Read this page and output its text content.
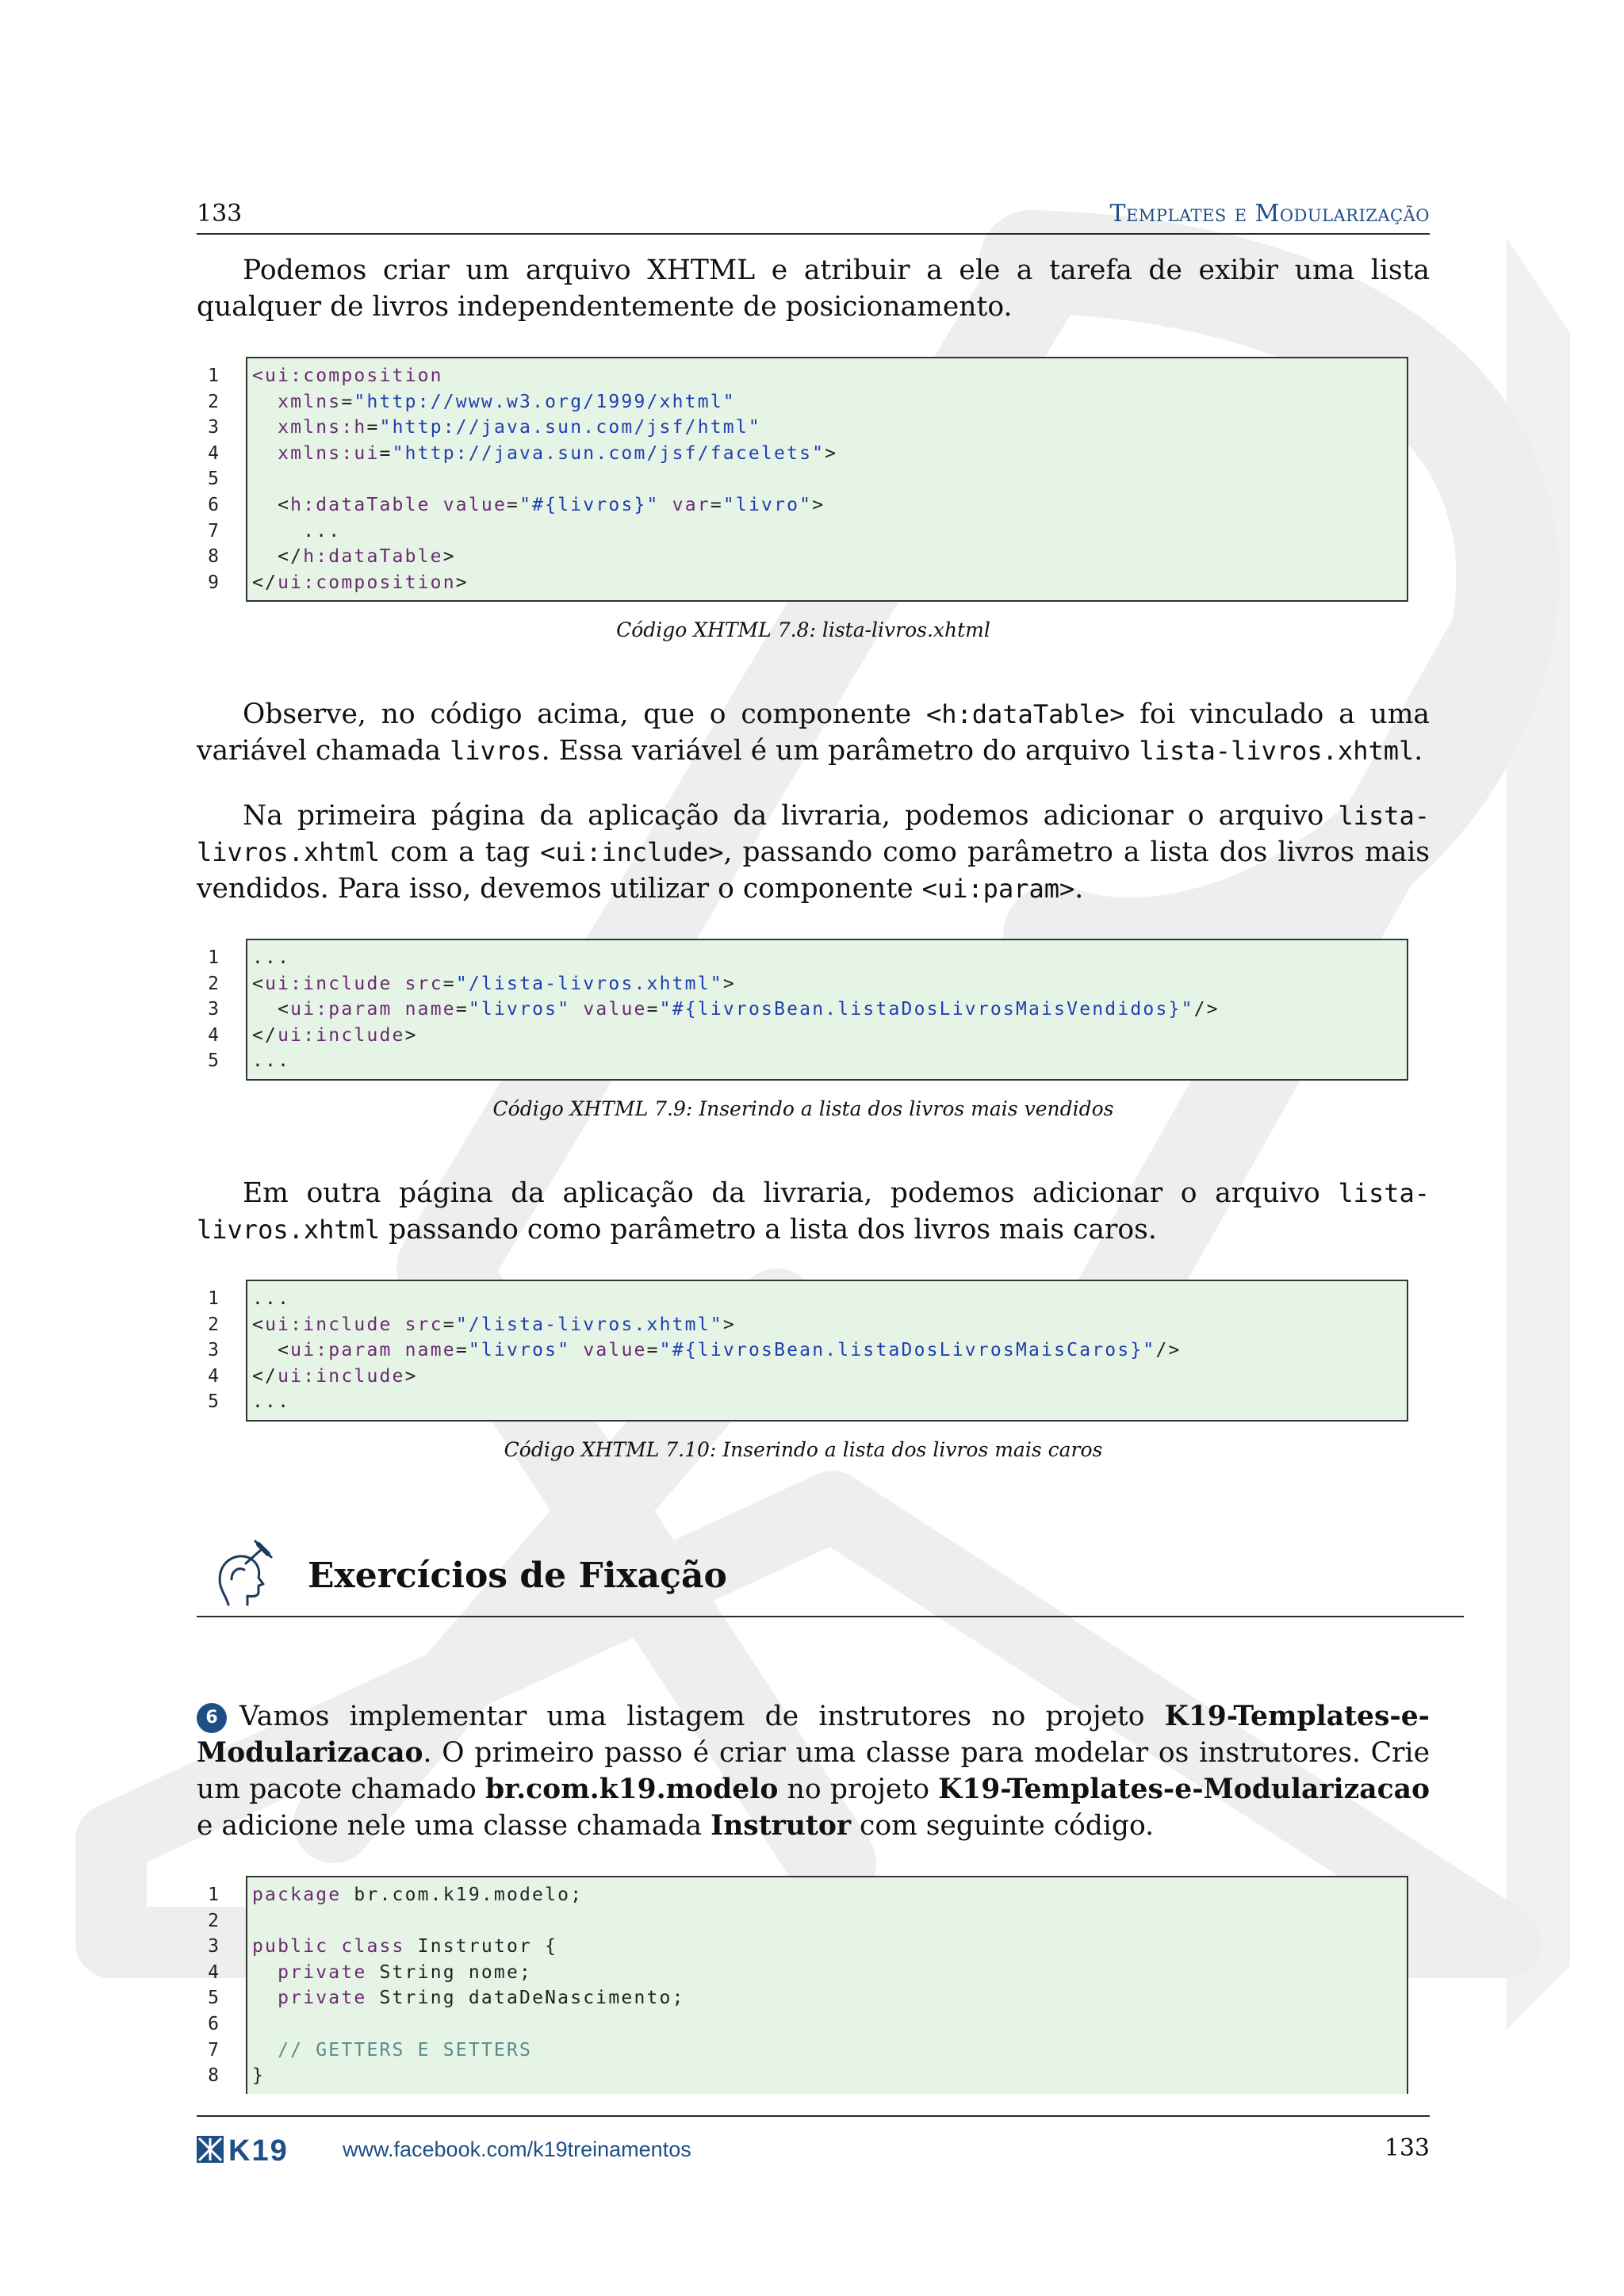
133	Templates e Modularização
Podemos criar um arquivo XHTML e atribuir a ele a tarefa de exibir uma lista qualquer de livros independentemente de posicionamento.
1
2
3
4
5
6
7
8
9
<ui:composition
xmlns="http://www.w3.org/1999/xhtml"
xmlns:h="http://java.sun.com/jsf/html"
xmlns:ui="http://java.sun.com/jsf/facelets">

<h:dataTable value="#{livros}" var="livro">
...
</h:dataTable>
</ui:composition>
Código XHTML 7.8: lista-livros.xhtml
Observe, no código acima, que o componente <h:dataTable> foi vinculado a uma variável chamada livros. Essa variável é um parâmetro do arquivo lista-livros.xhtml.
Na primeira página da aplicação da livraria, podemos adicionar o arquivo lista-livros.xhtml com a tag <ui:include>, passando como parâmetro a lista dos livros mais vendidos. Para isso, devemos utilizar o componente <ui:param>.
1
2
3
4
5
...
<ui:include src="/lista-livros.xhtml">
<ui:param name="livros" value="#{livrosBean.listaDosLivrosMaisVendidos}"/>
</ui:include>
...
Código XHTML 7.9: Inserindo a lista dos livros mais vendidos
Em outra página da aplicação da livraria, podemos adicionar o arquivo lista-livros.xhtml passando como parâmetro a lista dos livros mais caros.
1
2
3
4
5
...
<ui:include src="/lista-livros.xhtml">
<ui:param name="livros" value="#{livrosBean.listaDosLivrosMaisCaros}"/>
</ui:include>
...
Código XHTML 7.10: Inserindo a lista dos livros mais caros
Exercícios de Fixação
6 Vamos implementar uma listagem de instrutores no projeto K19-Templates-e-Modularizacao. O primeiro passo é criar uma classe para modelar os instrutores. Crie um pacote chamado br.com.k19.modelo no projeto K19-Templates-e-Modularizacao e adicione nele uma classe chamada Instrutor com seguinte código.
1
2
3
4
5
6
7
8
package br.com.k19.modelo;

public class Instrutor {
private String nome;
private String dataDeNascimento;

// GETTERS E SETTERS
}
K19	www.facebook.com/k19treinamentos	133
